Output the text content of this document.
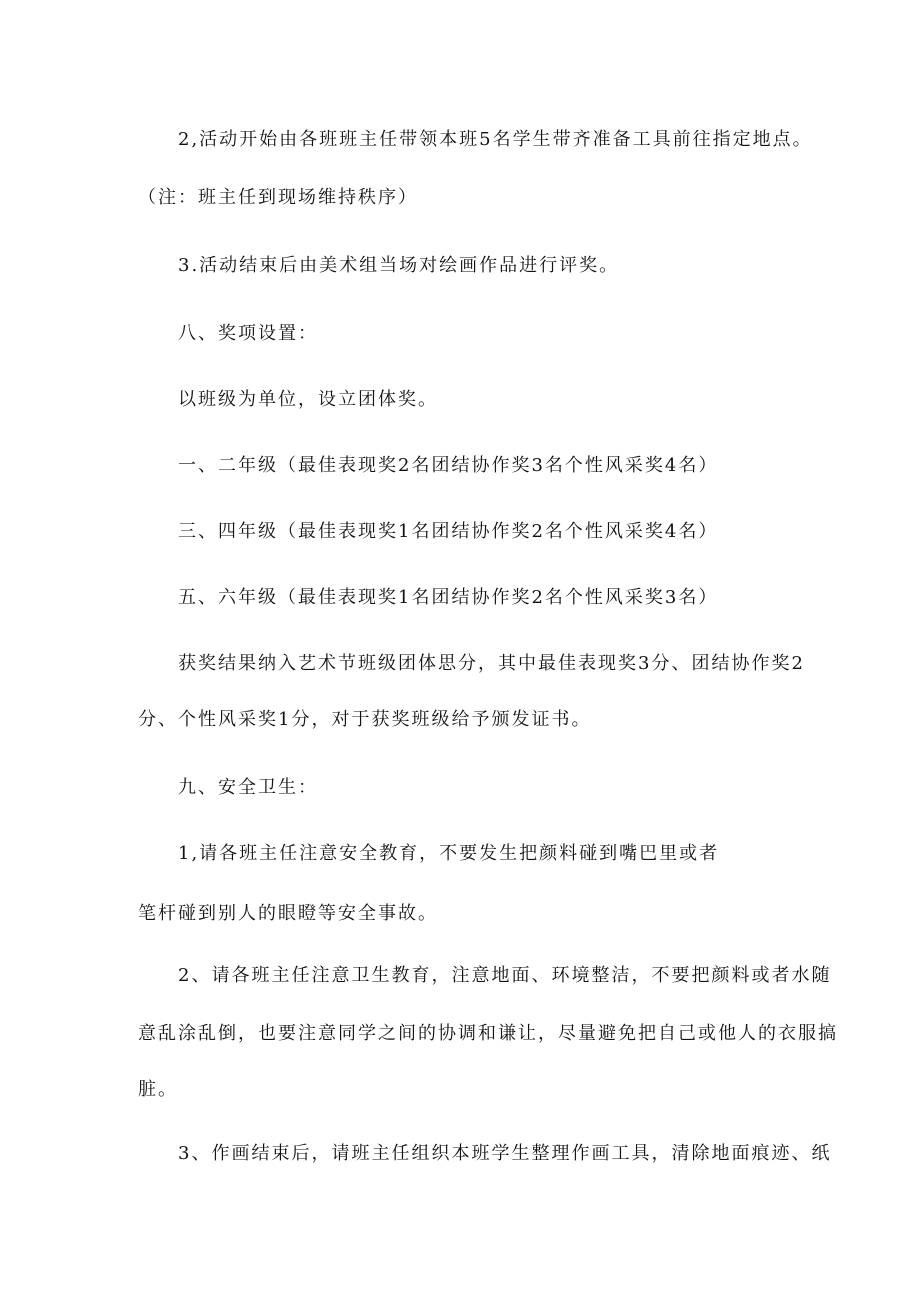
2,活动开始由各班班主任带领本班5名学生带齐准备工具前往指定地点。
（注：班主任到现场维持秩序）
3.活动结束后由美术组当场对绘画作品进行评奖。
八、奖项设置：
以班级为单位，设立团体奖。
一、二年级（最佳表现奖2名团结协作奖3名个性风采奖4名）
三、四年级（最佳表现奖1名团结协作奖2名个性风采奖4名）
五、六年级（最佳表现奖1名团结协作奖2名个性风采奖3名）
获奖结果纳入艺术节班级团体思分，其中最佳表现奖3分、团结协作奖2
分、个性风采奖1分，对于获奖班级给予颁发证书。
九、安全卫生：
1,请各班主任注意安全教育，不要发生把颜料碰到嘴巴里或者
笔杆碰到别人的眼瞪等安全事故。
2、请各班主任注意卫生教育，注意地面、环境整洁，不要把颜料或者水随
意乱涂乱倒，也要注意同学之间的协调和谦让，尽量避免把自己或他人的衣服搞
脏。
3、作画结束后，请班主任组织本班学生整理作画工具，清除地面痕迹、纸
